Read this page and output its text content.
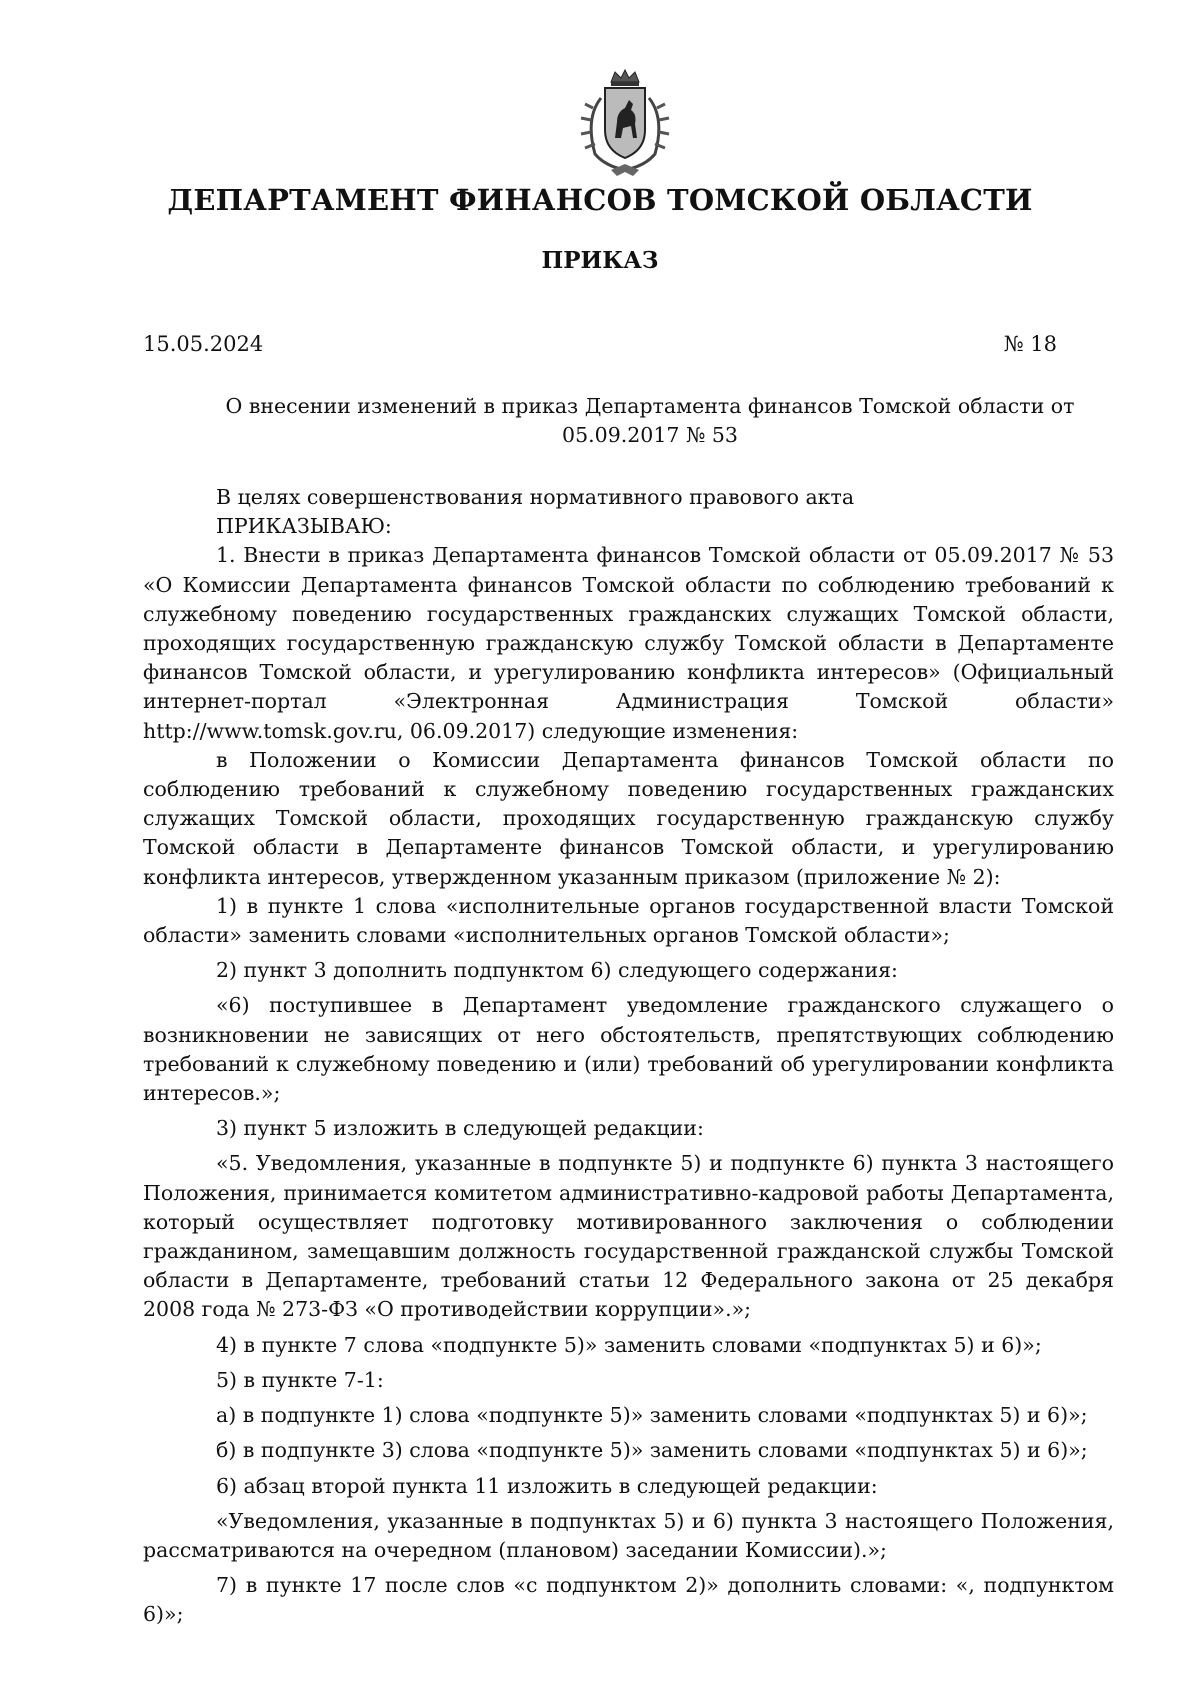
ДЕПАРТАМЕНТ ФИНАНСОВ ТОМСКОЙ ОБЛАСТИ
ПРИКАЗ
15.05.2024	№ 18
О внесении изменений в приказ Департамента финансов Томской области от 05.09.2017 № 53

В целях совершенствования нормативного правового акта

ПРИКАЗЫВАЮ:

1. Внести в приказ Департамента финансов Томской области от 05.09.2017 № 53 «О Комиссии Департамента финансов Томской области по соблюдению требований к служебному поведению государственных гражданских служащих Томской области, проходящих государственную гражданскую службу Томской области в Департаменте финансов Томской области, и урегулированию конфликта интересов» (Официальный интернет-портал «Электронная Администрация Томской области» http://www.tomsk.gov.ru, 06.09.2017) следующие изменения:

в Положении о Комиссии Департамента финансов Томской области по соблюдению требований к служебному поведению государственных гражданских служащих Томской области, проходящих государственную гражданскую службу Томской области в Департаменте финансов Томской области, и урегулированию конфликта интересов, утвержденном указанным приказом (приложение № 2):

1) в пункте 1 слова «исполнительные органов государственной власти Томской области» заменить словами «исполнительных органов Томской области»;

2) пункт 3 дополнить подпунктом 6) следующего содержания:

«6) поступившее в Департамент уведомление гражданского служащего о возникновении не зависящих от него обстоятельств, препятствующих соблюдению требований к служебному поведению и (или) требований об урегулировании конфликта интересов.»;

3) пункт 5 изложить в следующей редакции:

«5. Уведомления, указанные в подпункте 5) и подпункте 6) пункта 3 настоящего Положения, принимается комитетом административно-кадровой работы Департамента, который осуществляет подготовку мотивированного заключения о соблюдении гражданином, замещавшим должность государственной гражданской службы Томской области в Департаменте, требований статьи 12 Федерального закона от 25 декабря 2008 года № 273-ФЗ «О противодействии коррупции».»;

4) в пункте 7 слова «подпункте 5)» заменить словами «подпунктах 5) и 6)»;

5) в пункте 7-1:

а) в подпункте 1) слова «подпункте 5)» заменить словами «подпунктах 5) и 6)»;

б) в подпункте 3) слова «подпункте 5)» заменить словами «подпунктах 5) и 6)»;

6) абзац второй пункта 11 изложить в следующей редакции:

«Уведомления, указанные в подпунктах 5) и 6) пункта 3 настоящего Положения, рассматриваются на очередном (плановом) заседании Комиссии).»;

7) в пункте 17 после слов «с подпунктом 2)» дополнить словами: «, подпунктом 6)»;
